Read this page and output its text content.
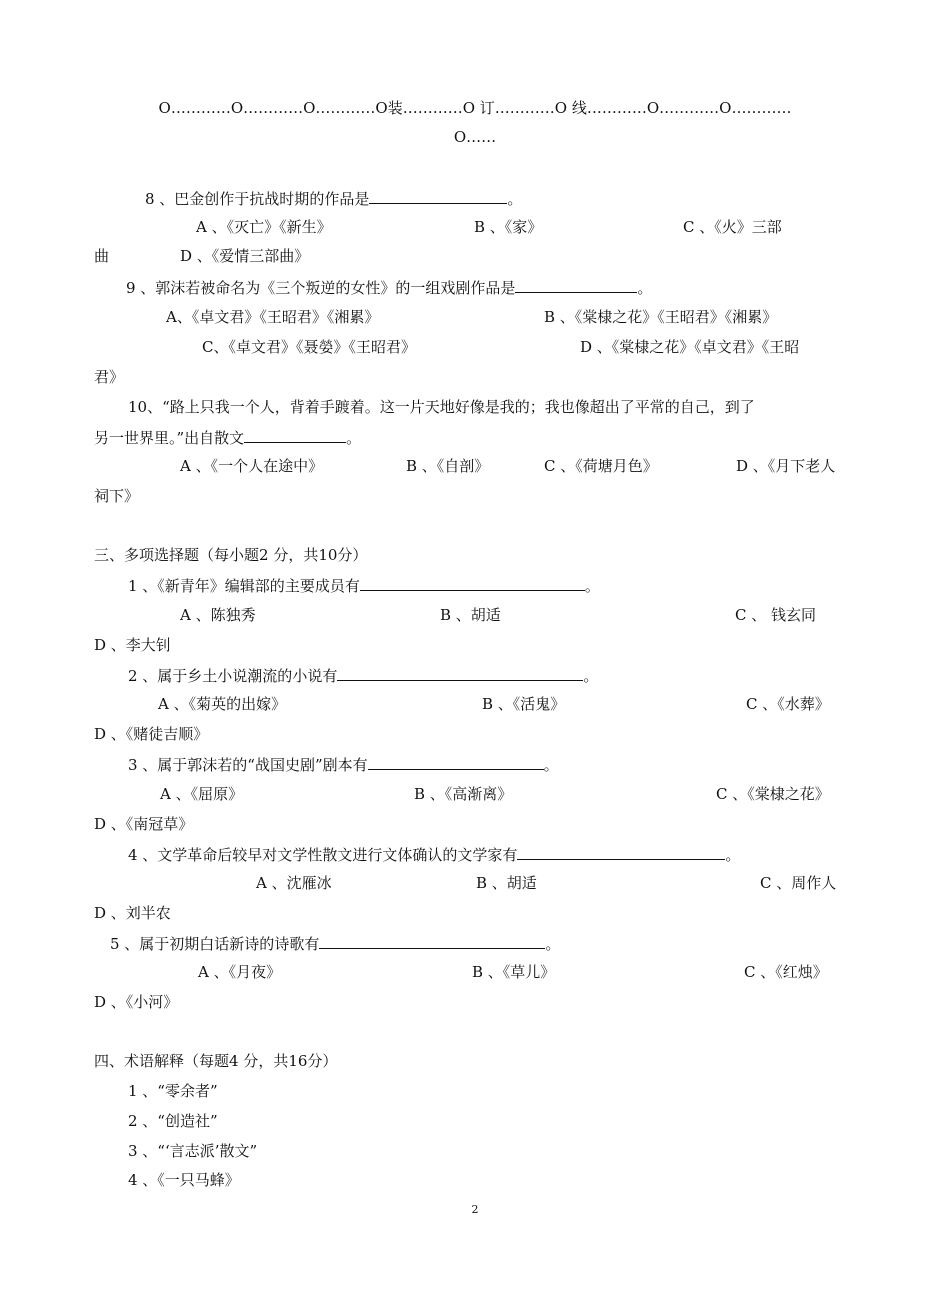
O…………O…………O…………O装…………O 订…………O 线…………O…………O…………
O……
8 、巴金创作于抗战时期的作品是	。
A 、《灭亡》《新生》	B 、《家》	C 、《火》三部
曲	D 、《爱情三部曲》
9 、郭沫若被命名为《三个叛逆的女性》的一组戏剧作品是	。
A、《卓文君》《王昭君》《湘累》	B 、《棠棣之花》《王昭君》《湘累》
C、《卓文君》《聂嫈》《王昭君》	D 、《棠棣之花》《卓文君》《王昭
君》
10、“路上只我一个人，背着手踱着。这一片天地好像是我的；我也像超出了平常的自己，到了
另一世界里。”出自散文	。
A 、《一个人在途中》	B 、《自剖》	C 、《荷塘月色》	D 、《月下老人
祠下》
三、多项选择题（每小题2 分，共10分）
1 、《新青年》编辑部的主要成员有	。
A 、陈独秀	B 、胡适	C 、 钱玄同
D 、李大钊
2 、属于乡土小说潮流的小说有	。
A 、《菊英的出嫁》	B 、《活鬼》	C 、《水葬》
D 、《赌徒吉顺》
3 、属于郭沫若的“战国史剧”剧本有	。
A 、《屈原》	B 、《高渐离》	C 、《棠棣之花》
D 、《南冠草》
4 、文学革命后较早对文学性散文进行文体确认的文学家有	。
A 、沈雁冰	B 、胡适	C 、周作人
D 、刘半农
5 、属于初期白话新诗的诗歌有	。
A 、《月夜》	B 、《草儿》	C 、《红烛》
D 、《小河》
四、术语解释（每题4 分，共16分）
1 、“零余者”
2 、“创造社”
3 、“‘言志派’散文”
4 、《一只马蜂》
2
